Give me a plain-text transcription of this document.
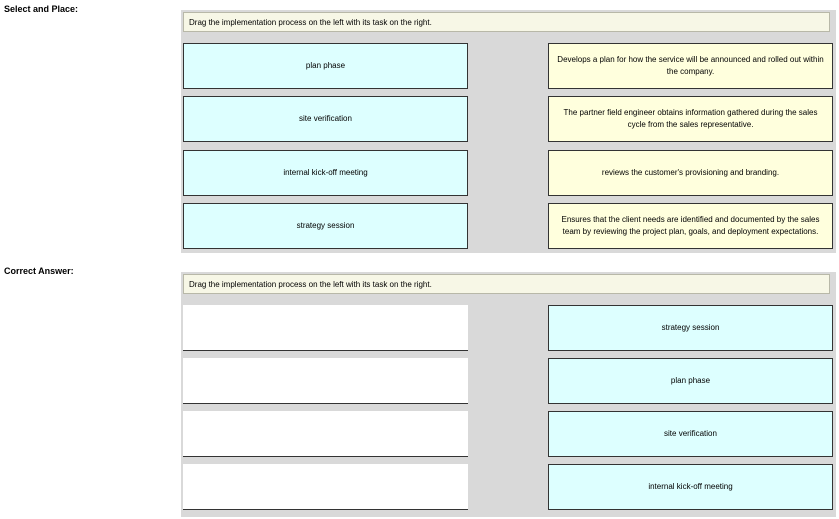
Select and Place:
Drag the implementation process on the left with its task on the right.
plan phase
site verification
internal kick-off meeting
strategy session
Develops a plan for how the service will be announced and rolled out within the company.
The partner field engineer obtains information gathered during the sales cycle from the sales representative.
reviews the customer's provisioning and branding.
Ensures that the client needs are identified and documented by the sales team by reviewing the project plan, goals, and deployment expectations.
Correct Answer:
Drag the implementation process on the left with its task on the right.
strategy session
plan phase
site verification
internal kick-off meeting
